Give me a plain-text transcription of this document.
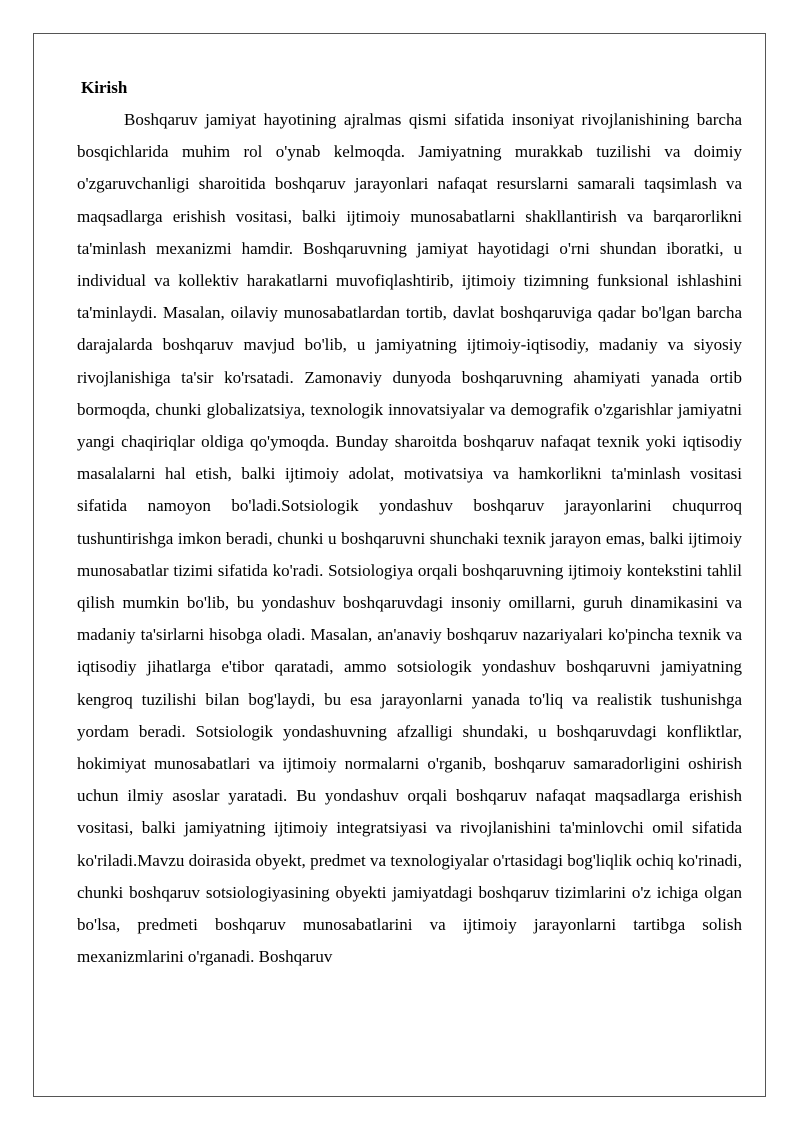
Kirish

Boshqaruv jamiyat hayotining ajralmas qismi sifatida insoniyat rivojlanishining barcha bosqichlarida muhim rol o'ynab kelmoqda. Jamiyatning murakkab tuzilishi va doimiy o'zgaruvchanligi sharoitida boshqaruv jarayonlari nafaqat resurslarni samarali taqsimlash va maqsadlarga erishish vositasi, balki ijtimoiy munosabatlarni shakllantirish va barqarorlikni ta'minlash mexanizmi hamdir. Boshqaruvning jamiyat hayotidagi o'rni shundan iboratki, u individual va kollektiv harakatlarni muvofiqlashtirib, ijtimoiy tizimning funksional ishlashini ta'minlaydi. Masalan, oilaviy munosabatlardan tortib, davlat boshqaruviga qadar bo'lgan barcha darajalarda boshqaruv mavjud bo'lib, u jamiyatning ijtimoiy-iqtisodiy, madaniy va siyosiy rivojlanishiga ta'sir ko'rsatadi. Zamonaviy dunyoda boshqaruvning ahamiyati yanada ortib bormoqda, chunki globalizatsiya, texnologik innovatsiyalar va demografik o'zgarishlar jamiyatni yangi chaqiriqlar oldiga qo'ymoqda. Bunday sharoitda boshqaruv nafaqat texnik yoki iqtisodiy masalalarni hal etish, balki ijtimoiy adolat, motivatsiya va hamkorlikni ta'minlash vositasi sifatida namoyon bo'ladi.Sotsiologik yondashuv boshqaruv jarayonlarini chuqurroq tushuntirishga imkon beradi, chunki u boshqaruvni shunchaki texnik jarayon emas, balki ijtimoiy munosabatlar tizimi sifatida ko'radi. Sotsiologiya orqali boshqaruvning ijtimoiy kontekstini tahlil qilish mumkin bo'lib, bu yondashuv boshqaruvdagi insoniy omillarni, guruh dinamikasini va madaniy ta'sirlarni hisobga oladi. Masalan, an'anaviy boshqaruv nazariyalari ko'pincha texnik va iqtisodiy jihatlarga e'tibor qaratadi, ammo sotsiologik yondashuv boshqaruvni jamiyatning kengroq tuzilishi bilan bog'laydi, bu esa jarayonlarni yanada to'liq va realistik tushunishga yordam beradi. Sotsiologik yondashuvning afzalligi shundaki, u boshqaruvdagi konfliktlar, hokimiyat munosabatlari va ijtimoiy normalarni o'rganib, boshqaruv samaradorligini oshirish uchun ilmiy asoslar yaratadi. Bu yondashuv orqali boshqaruv nafaqat maqsadlarga erishish vositasi, balki jamiyatning ijtimoiy integratsiyasi va rivojlanishini ta'minlovchi omil sifatida ko'riladi.Mavzu doirasida obyekt, predmet va texnologiyalar o'rtasidagi bog'liqlik ochiq ko'rinadi, chunki boshqaruv sotsiologiyasining obyekti jamiyatdagi boshqaruv tizimlarini o'z ichiga olgan bo'lsa, predmeti boshqaruv munosabatlarini va ijtimoiy jarayonlarni tartibga solish mexanizmlarini o'rganadi. Boshqaruv
